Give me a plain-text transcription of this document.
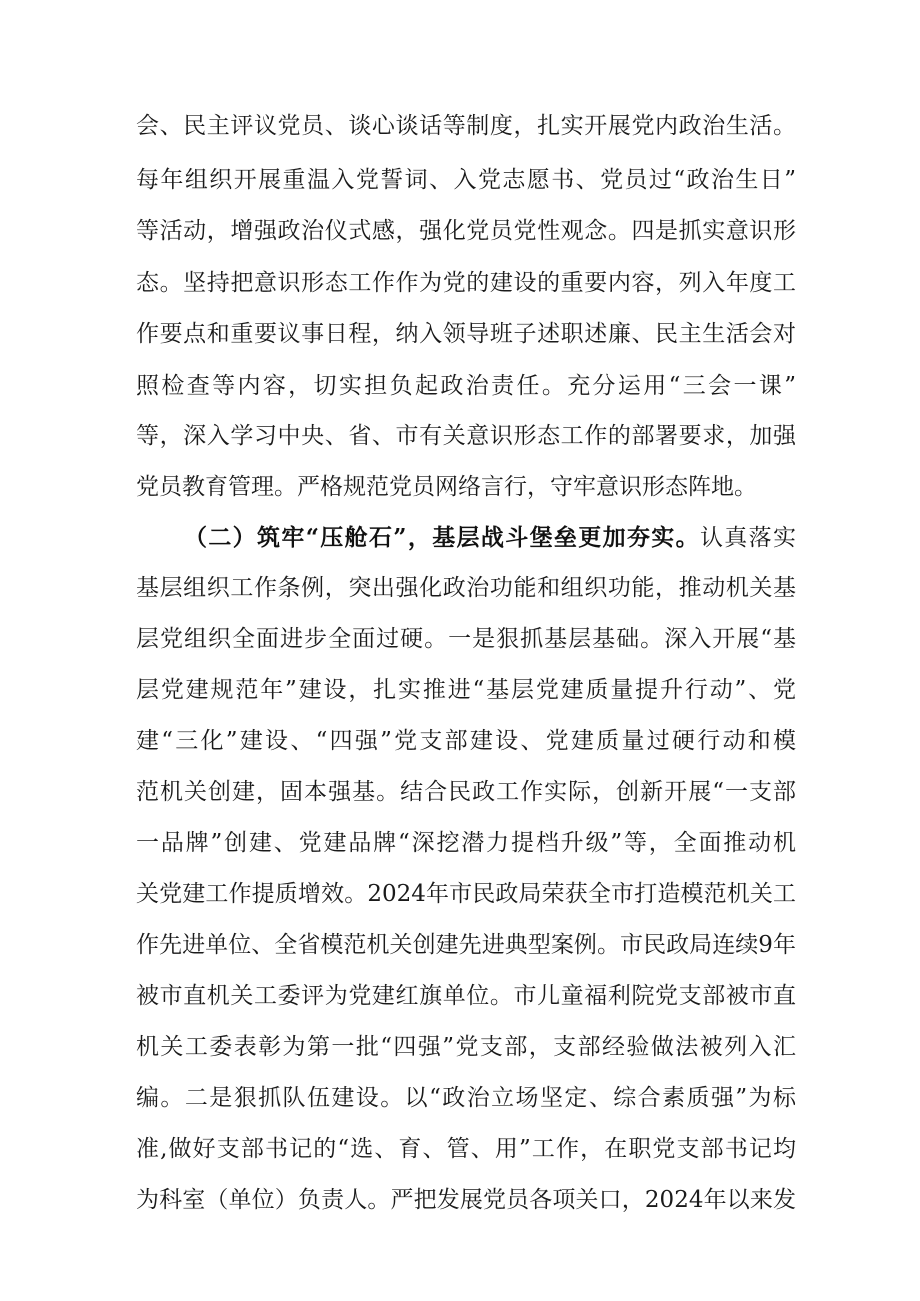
会、民主评议党员、谈心谈话等制度，扎实开展党内政治生活。
每年组织开展重温入党誓词、入党志愿书、党员过“政治生日”
等活动，增强政治仪式感，强化党员党性观念。四是抓实意识形
态。坚持把意识形态工作作为党的建设的重要内容，列入年度工
作要点和重要议事日程，纳入领导班子述职述廉、民主生活会对
照检查等内容，切实担负起政治责任。充分运用“三会一课”
等，深入学习中央、省、市有关意识形态工作的部署要求，加强
党员教育管理。严格规范党员网络言行，守牢意识形态阵地。
（二）筑牢“压舱石”，基层战斗堡垒更加夯实。认真落实
基层组织工作条例，突出强化政治功能和组织功能，推动机关基
层党组织全面进步全面过硬。一是狠抓基层基础。深入开展“基
层党建规范年”建设，扎实推进“基层党建质量提升行动”、党
建“三化”建设、“四强”党支部建设、党建质量过硬行动和模
范机关创建，固本强基。结合民政工作实际，创新开展“一支部
一品牌”创建、党建品牌“深挖潜力提档升级”等，全面推动机
关党建工作提质增效。2024年市民政局荣获全市打造模范机关工
作先进单位、全省模范机关创建先进典型案例。市民政局连续9年
被市直机关工委评为党建红旗单位。市儿童福利院党支部被市直
机关工委表彰为第一批“四强”党支部，支部经验做法被列入汇
编。二是狠抓队伍建设。以“政治立场坚定、综合素质强”为标
准,做好支部书记的“选、育、管、用”工作，在职党支部书记均
为科室（单位）负责人。严把发展党员各项关口，2024年以来发
